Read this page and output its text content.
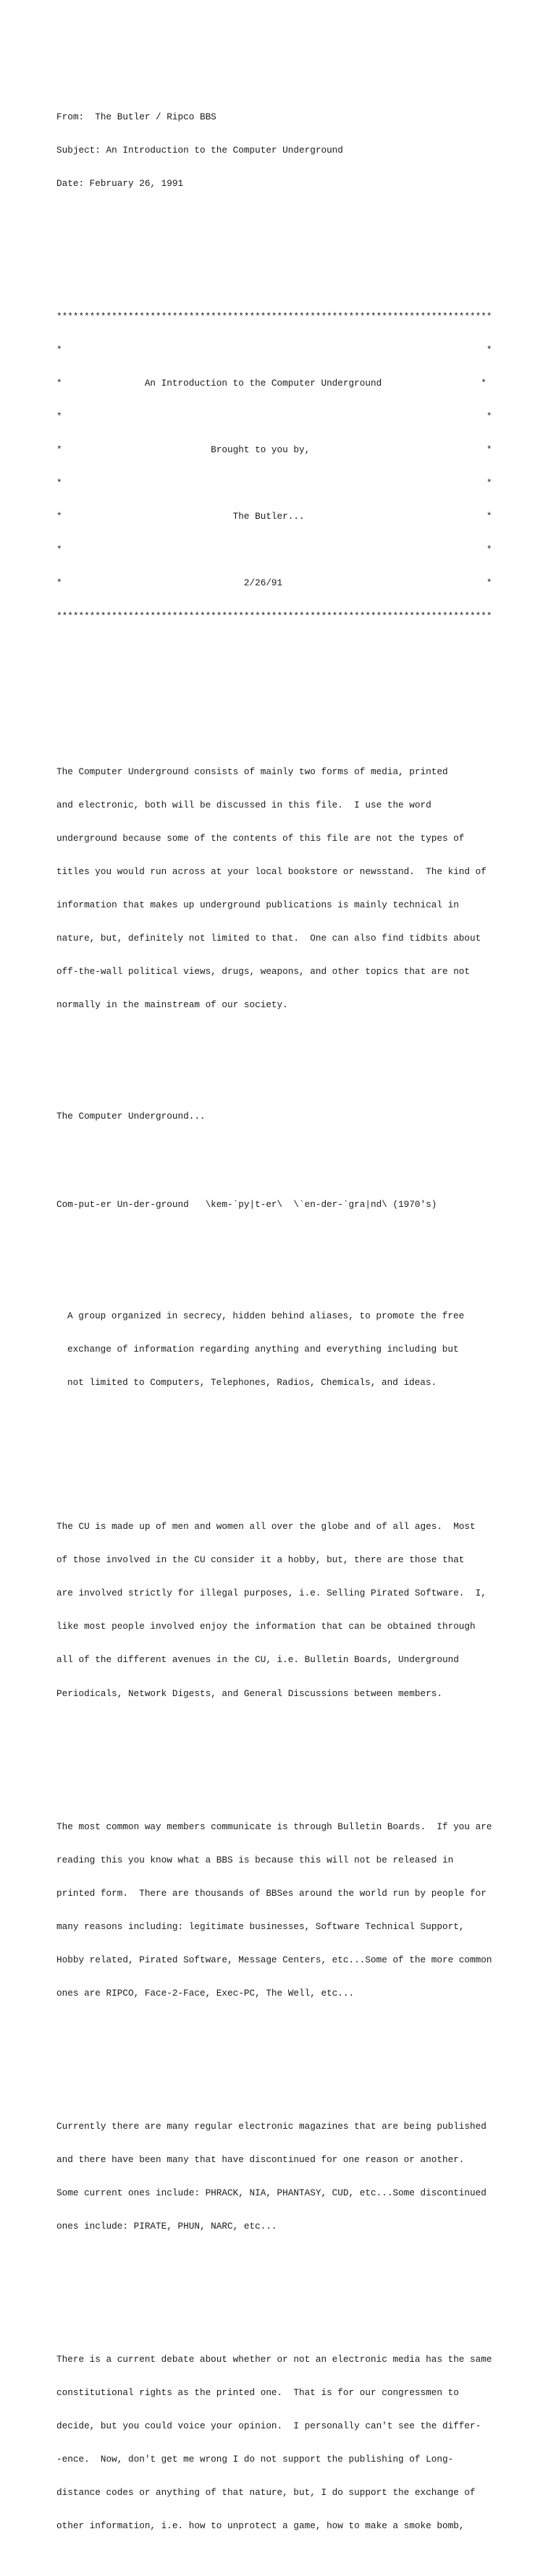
From:  The Butler / Ripco BBS

Subject: An Introduction to the Computer Underground

Date: February 26, 1991

*******************************************************************************

*                                                                             *

*               An Introduction to the Computer Underground                  *

*                                                                             *

*                           Brought to you by,                                *

*                                                                             *

*                               The Butler...                                 *

*                                                                             *

*                                 2/26/91                                     *

*******************************************************************************

The Computer Underground consists of mainly two forms of media, printed

and electronic, both will be discussed in this file.  I use the word

underground because some of the contents of this file are not the types of

titles you would run across at your local bookstore or newsstand.  The kind of

information that makes up underground publications is mainly technical in

nature, but, definitely not limited to that.  One can also find tidbits about

off-the-wall political views, drugs, weapons, and other topics that are not

normally in the mainstream of our society.

The Computer Underground...

Com-put-er Un-der-ground   \kem-`py|t-er\  \`en-der-`gra|nd\ (1970's)

A group organized in secrecy, hidden behind aliases, to promote the free

exchange of information regarding anything and everything including but

not limited to Computers, Telephones, Radios, Chemicals, and ideas.

The CU is made up of men and women all over the globe and of all ages.  Most

of those involved in the CU consider it a hobby, but, there are those that

are involved strictly for illegal purposes, i.e. Selling Pirated Software.  I,

like most people involved enjoy the information that can be obtained through

all of the different avenues in the CU, i.e. Bulletin Boards, Underground

Periodicals, Network Digests, and General Discussions between members.

The most common way members communicate is through Bulletin Boards.  If you are

reading this you know what a BBS is because this will not be released in

printed form.  There are thousands of BBSes around the world run by people for

many reasons including: legitimate businesses, Software Technical Support,

Hobby related, Pirated Software, Message Centers, etc...Some of the more common

ones are RIPCO, Face-2-Face, Exec-PC, The Well, etc...

Currently there are many regular electronic magazines that are being published

and there have been many that have discontinued for one reason or another.

Some current ones include: PHRACK, NIA, PHANTASY, CUD, etc...Some discontinued

ones include: PIRATE, PHUN, NARC, etc...

There is a current debate about whether or not an electronic media has the same

constitutional rights as the printed one.  That is for our congressmen to

decide, but you could voice your opinion.  I personally can't see the differ-

-ence.  Now, don't get me wrong I do not support the publishing of Long-

distance codes or anything of that nature, but, I do support the exchange of

other information, i.e. how to unprotect a game, how to make a smoke bomb,
